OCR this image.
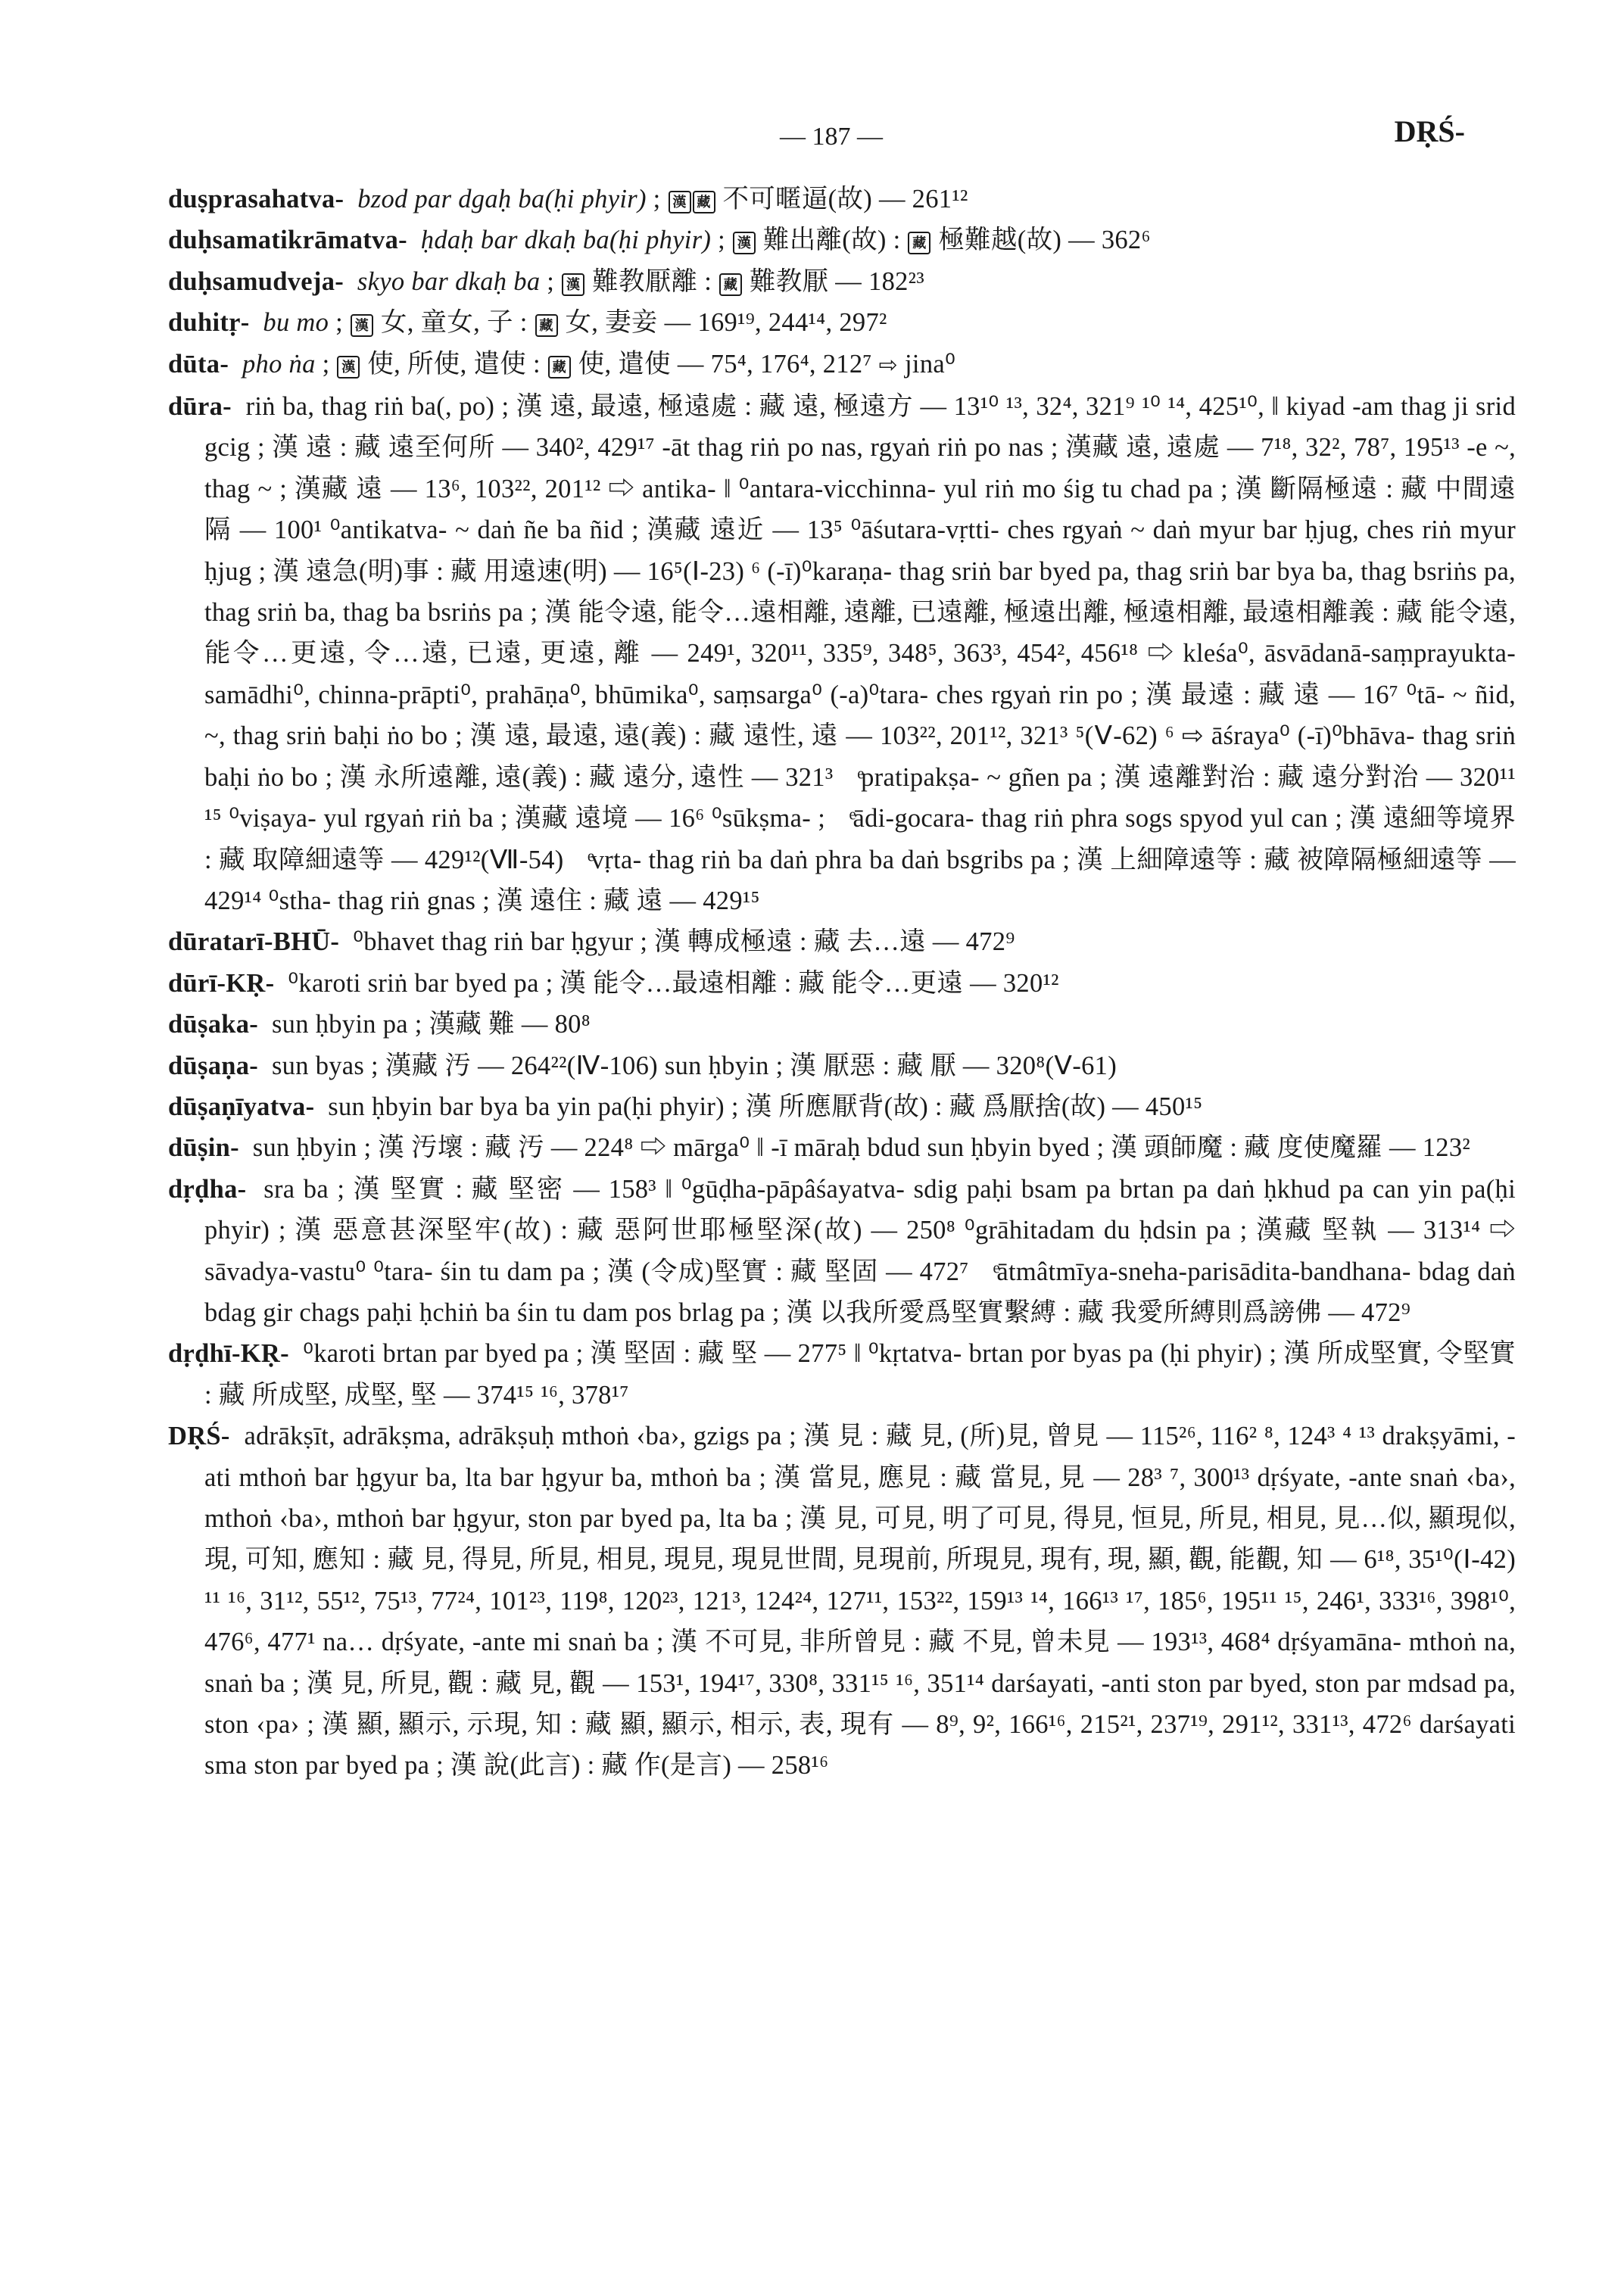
— 187 —	DṚŚ-

duṣprasahatva- bzod par dgaḥ ba(ḥi phyir) ; 漢 藏 不可暱逼(故) — 261¹²

duḥsamatikrāmatva- ḥdaḥ bar dkaḥ ba(ḥi phyir) ; 漢 難出離(故) : 藏 極難越(故) — 362⁶

duḥsamudveja- skyo bar dkaḥ ba ; 漢 難教厭離 : 藏 難教厭 — 182²³

duhitṛ- bu mo ; 漢 女, 童女, 子 : 藏 女, 妻妾 — 169¹⁹, 244¹⁴, 297²

dūta- pho ṅa ; 漢 使, 所使, 遣使 : 藏 使, 遣使 — 75⁴, 176⁴, 212⁷ ⇨ jina⁰

dūra- riṅ ba, thag riṅ ba(, po) ; 漢 遠, 最遠, 極遠處 : 藏 遠, 極遠方 — 13¹⁰ ¹³, 32⁴, 321⁹ ¹⁰ ¹⁴, 425¹⁰, ‖ kiyad -am thag ji srid gcig ; 漢 遠 : 藏 遠至何所 — 340², 429¹⁷ -āt thag riṅ po nas, rgyaṅ riṅ po nas ; 漢藏 遠, 遠處 — 7¹⁸, 32², 78⁷, 195¹³ -e ~, thag ~ ; 漢藏 遠 — 13⁶, 103²², 201¹² ⇨ antika- ‖ ⁰antara-vicchinna- yul riṅ mo śig tu chad pa ; 漢 斷隔極遠 : 藏 中間遠隔 — 100¹ ⁰antikatva- ~ daṅ ñe ba ñid ; 漢藏 遠近 — 13⁵ ⁰āśutara-vṛtti- ches rgyaṅ ~ daṅ myur bar ḥjug, ches riṅ myur ḥjug ; 漢 遠急(明)事 : 藏 用遠速(明) — 16⁵(Ⅰ-23) ⁶ (-ī)⁰karaṇa- thag sriṅ bar byed pa, thag sriṅ bar bya ba, thag bsriṅs pa, thag sriṅ ba, thag ba bsriṅs pa ; 漢 能令遠, 能令…遠相離, 遠離, 已遠離, 極遠出離, 極遠相離, 最遠相離義 : 藏 能令遠, 能令…更遠, 令…遠, 已遠, 更遠, 離 — 249¹, 320¹¹, 335⁹, 348⁵, 363³, 454², 456¹⁸ ⇨ kleśa⁰, āsvādanā-saṃprayukta-samādhi⁰, chinna-prāpti⁰, prahāṇa⁰, bhūmika⁰, saṃsarga⁰ (-a)⁰tara- ches rgyaṅ rin po ; 漢 最遠 : 藏 遠 — 16⁷ ⁰tā- ~ ñid, ~, thag sriṅ baḥi ṅo bo ; 漢 遠, 最遠, 遠(義) : 藏 遠性, 遠 — 103²², 201¹², 321³ ⁵(Ⅴ-62) ⁶ ⇨ āśraya⁰ (-ī)⁰bhāva- thag sriṅ baḥi ṅo bo ; 漢 永所遠離, 遠(義) : 藏 遠分, 遠性 — 321³ ⁻ͤpratipakṣa- ~ gñen pa ; 漢 遠離對治 : 藏 遠分對治 — 320¹¹ ¹⁵ ⁰viṣaya- yul rgyaṅ riṅ ba ; 漢藏 遠境 — 16⁶ ⁰sūkṣma- ; ⁻ͤādi-gocara- thag riṅ phra sogs spyod yul can ; 漢 遠細等境界 : 藏 取障細遠等 — 429¹²(Ⅶ-54) ⁻ͤvṛta- thag riṅ ba daṅ phra ba daṅ bsgribs pa ; 漢 上細障遠等 : 藏 被障隔極細遠等 — 429¹⁴ ⁰stha- thag riṅ gnas ; 漢 遠住 : 藏 遠 — 429¹⁵

dūratarī-BHŪ- ⁰bhavet thag riṅ bar ḥgyur ; 漢 轉成極遠 : 藏 去…遠 — 472⁹

dūrī-KṚ- ⁰karoti sriṅ bar byed pa ; 漢 能令…最遠相離 : 藏 能令…更遠 — 320¹²

dūṣaka- sun ḥbyin pa ; 漢藏 難 — 80⁸

dūṣaṇa- sun byas ; 漢藏 汚 — 264²²(Ⅳ-106) sun ḥbyin ; 漢 厭惡 : 藏 厭 — 320⁸(Ⅴ-61)

dūṣaṇīyatva- sun ḥbyin bar bya ba yin pa(ḥi phyir) ; 漢 所應厭背(故) : 藏 爲厭捨(故) — 450¹⁵

dūṣin- sun ḥbyin ; 漢 汚壞 : 藏 汚 — 224⁸ ⇨ mārga⁰ ‖ -ī māraḥ bdud sun ḥbyin byed ; 漢 頭師魔 : 藏 度使魔羅 — 123²

dṛḍha- sra ba ; 漢 堅實 : 藏 堅密 — 158³ ‖ ⁰gūḍha-pāpâśayatva- sdig paḥi bsam pa brtan pa daṅ ḥkhud pa can yin pa(ḥi phyir) ; 漢 惡意甚深堅牢(故) : 藏 惡阿世耶極堅深(故) — 250⁸ ⁰grāhitadam du ḥdsin pa ; 漢藏 堅執 — 313¹⁴ ⇨ sāvadya-vastu⁰ ⁰tara- śin tu dam pa ; 漢 (令成)堅實 : 藏 堅固 — 472⁷ ⁻ͤātmâtmīya-sneha-parisādita-bandhana- bdag daṅ bdag gir chags paḥi ḥchiṅ ba śin tu dam pos brlag pa ; 漢 以我所愛爲堅實繫縛 : 藏 我愛所縛則爲謗佛 — 472⁹

dṛḍhī-KṚ- ⁰karoti brtan par byed pa ; 漢 堅固 : 藏 堅 — 277⁵ ‖ ⁰kṛtatva- brtan por byas pa (ḥi phyir) ; 漢 所成堅實, 令堅實 : 藏 所成堅, 成堅, 堅 — 374¹⁵ ¹⁶, 378¹⁷

DṚŚ- adrākṣīt, adrākṣma, adrākṣuḥ mthoṅ ‹ba›, gzigs pa ; 漢 見 : 藏 見, (所)見, 曾見 — 115²⁶, 116² ⁸, 124³ ⁴ ¹³ drakṣyāmi, -ati mthoṅ bar ḥgyur ba, lta bar ḥgyur ba, mthoṅ ba ; 漢 當見, 應見 : 藏 當見, 見 — 28³ ⁷, 300¹³ dṛśyate, -ante snaṅ ‹ba›, mthoṅ ‹ba›, mthoṅ bar ḥgyur, ston par byed pa, lta ba ; 漢 見, 可見, 明了可見, 得見, 恒見, 所見, 相見, 見…似, 顯現似, 現, 可知, 應知 : 藏 見, 得見, 所見, 相見, 現見, 現見世間, 見現前, 所現見, 現有, 現, 顯, 觀, 能觀, 知 — 6¹⁸, 35¹⁰(Ⅰ-42) ¹¹ ¹⁶, 31¹², 55¹², 75¹³, 77²⁴, 101²³, 119⁸, 120²³, 121³, 124²⁴, 127¹¹, 153²², 159¹³ ¹⁴, 166¹³ ¹⁷, 185⁶, 195¹¹ ¹⁵, 246¹, 333¹⁶, 398¹⁰, 476⁶, 477¹ na… dṛśyate, -ante mi snaṅ ba ; 漢 不可見, 非所曾見 : 藏 不見, 曾未見 — 193¹³, 468⁴ dṛśyamāna- mthoṅ na, snaṅ ba ; 漢 見, 所見, 觀 : 藏 見, 觀 — 153¹, 194¹⁷, 330⁸, 331¹⁵ ¹⁶, 351¹⁴ darśayati, -anti ston par byed, ston par mdsad pa, ston ‹pa› ; 漢 顯, 顯示, 示現, 知 : 藏 顯, 顯示, 相示, 表, 現有 — 8⁹, 9², 166¹⁶, 215²¹, 237¹⁹, 291¹², 331¹³, 472⁶ darśayati sma ston par byed pa ; 漢 說(此言) : 藏 作(是言) — 258¹⁶
